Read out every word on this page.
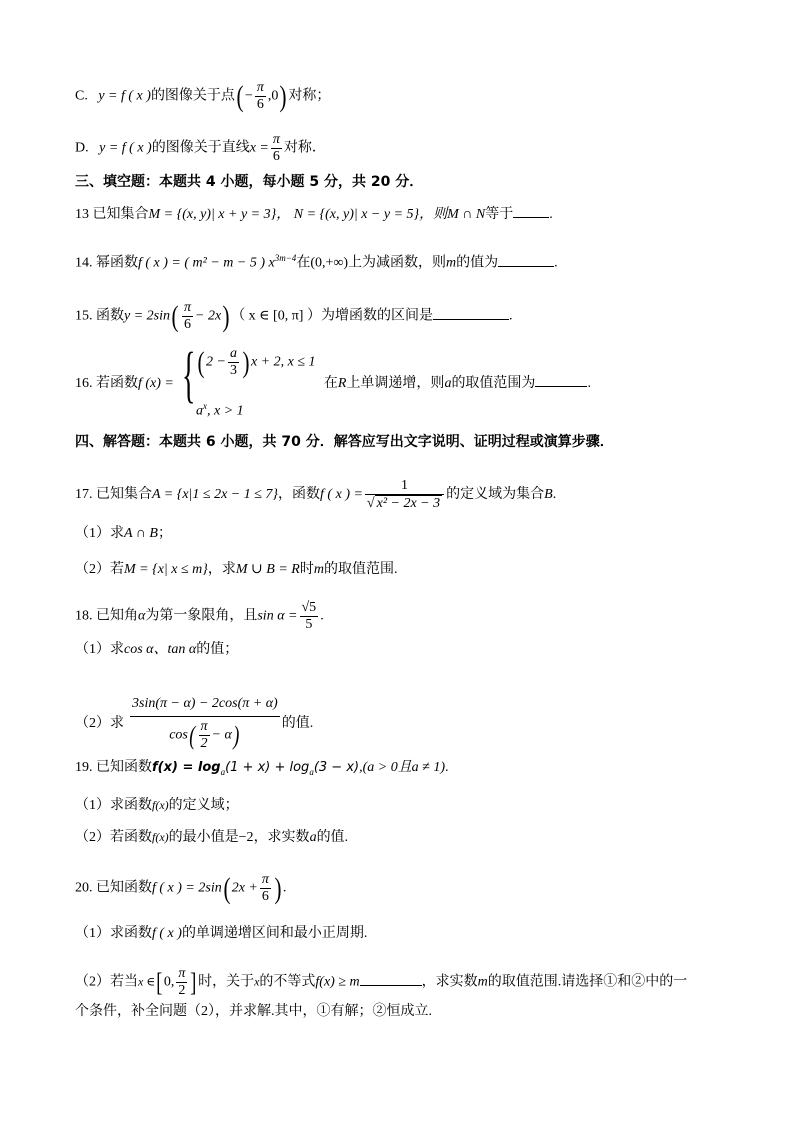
C. y = f ( x )的图像关于点( − $\frac{\pi}{6} ,0$) 对称；
D. y = f ( x )的图像关于直线$x = \frac{\pi}{6}$ 对称．
三、填空题：本题共 4 小题，每小题 5 分，共 20 分．
13 已知集合M = {(x, y)| x + y = 3}， N = {(x, y)| x − y = 5}，则M ∩ N等于	.
14. 幂函数f ( x ) = ( m² − m − 5 ) $x^{3m-4}$在(0,+∞)上为减函数，则m的值为	.
15. 函数$y = 2\sin( \frac{\pi}{6} - 2x)$ （ x ∈ [0, π] ）为增函数的区间是	.
16. 若函数f (x) =	在R上单调递增，则a的取值范围为	.
{ ( $2 - \frac{a}{3}$ ) x + 2, x ≤ 1
$a^x$, x > 1
四、解答题：本题共 6 小题，共 70 分．解答应写出文字说明、证明过程或演算步骤．
17. 已知集合A = {x|1 ≤ 2x − 1 ≤ 7}，函数f ( x ) = $\frac{1}{\text{√ x² − 2x − 3}}$ 的定义域为集合B.
（1）求A ∩ B；
（2）若M = {x| x ≤ m}，求M ∪ B = R时m的取值范围.
18. 已知角α为第一象限角，且$\sin \alpha = \frac{√5}{5}$ .
（1）求cos α、tan α的值；
（2）求 $\frac{3\sin(\pi - \alpha) - 2\cos(\pi + \alpha)}{\cos( \frac{\pi}{2} - \alpha)}$ 的值.
19. 已知函数$f(x) = \log_a(1 + x) + \log_a(3 - x),(a > 0$且a ≠ 1).
（1）求函数f(x)的定义域；
（2）若函数f(x)的最小值是−2，求实数a的值.
20. 已知函数f ( x ) = 2sin( $2x + \frac{\pi}{6}$ ) .
（1）求函数f ( x )的单调递增区间和最小正周期.
（2）若当x ∈[0, $\frac{\pi}{2}$ ]时，关于x的不等式f(x) ≥ m	，求实数m的取值范围.请选择①和②中的一
个条件，补全问题（2），并求解.其中，①有解；②恒成立.
